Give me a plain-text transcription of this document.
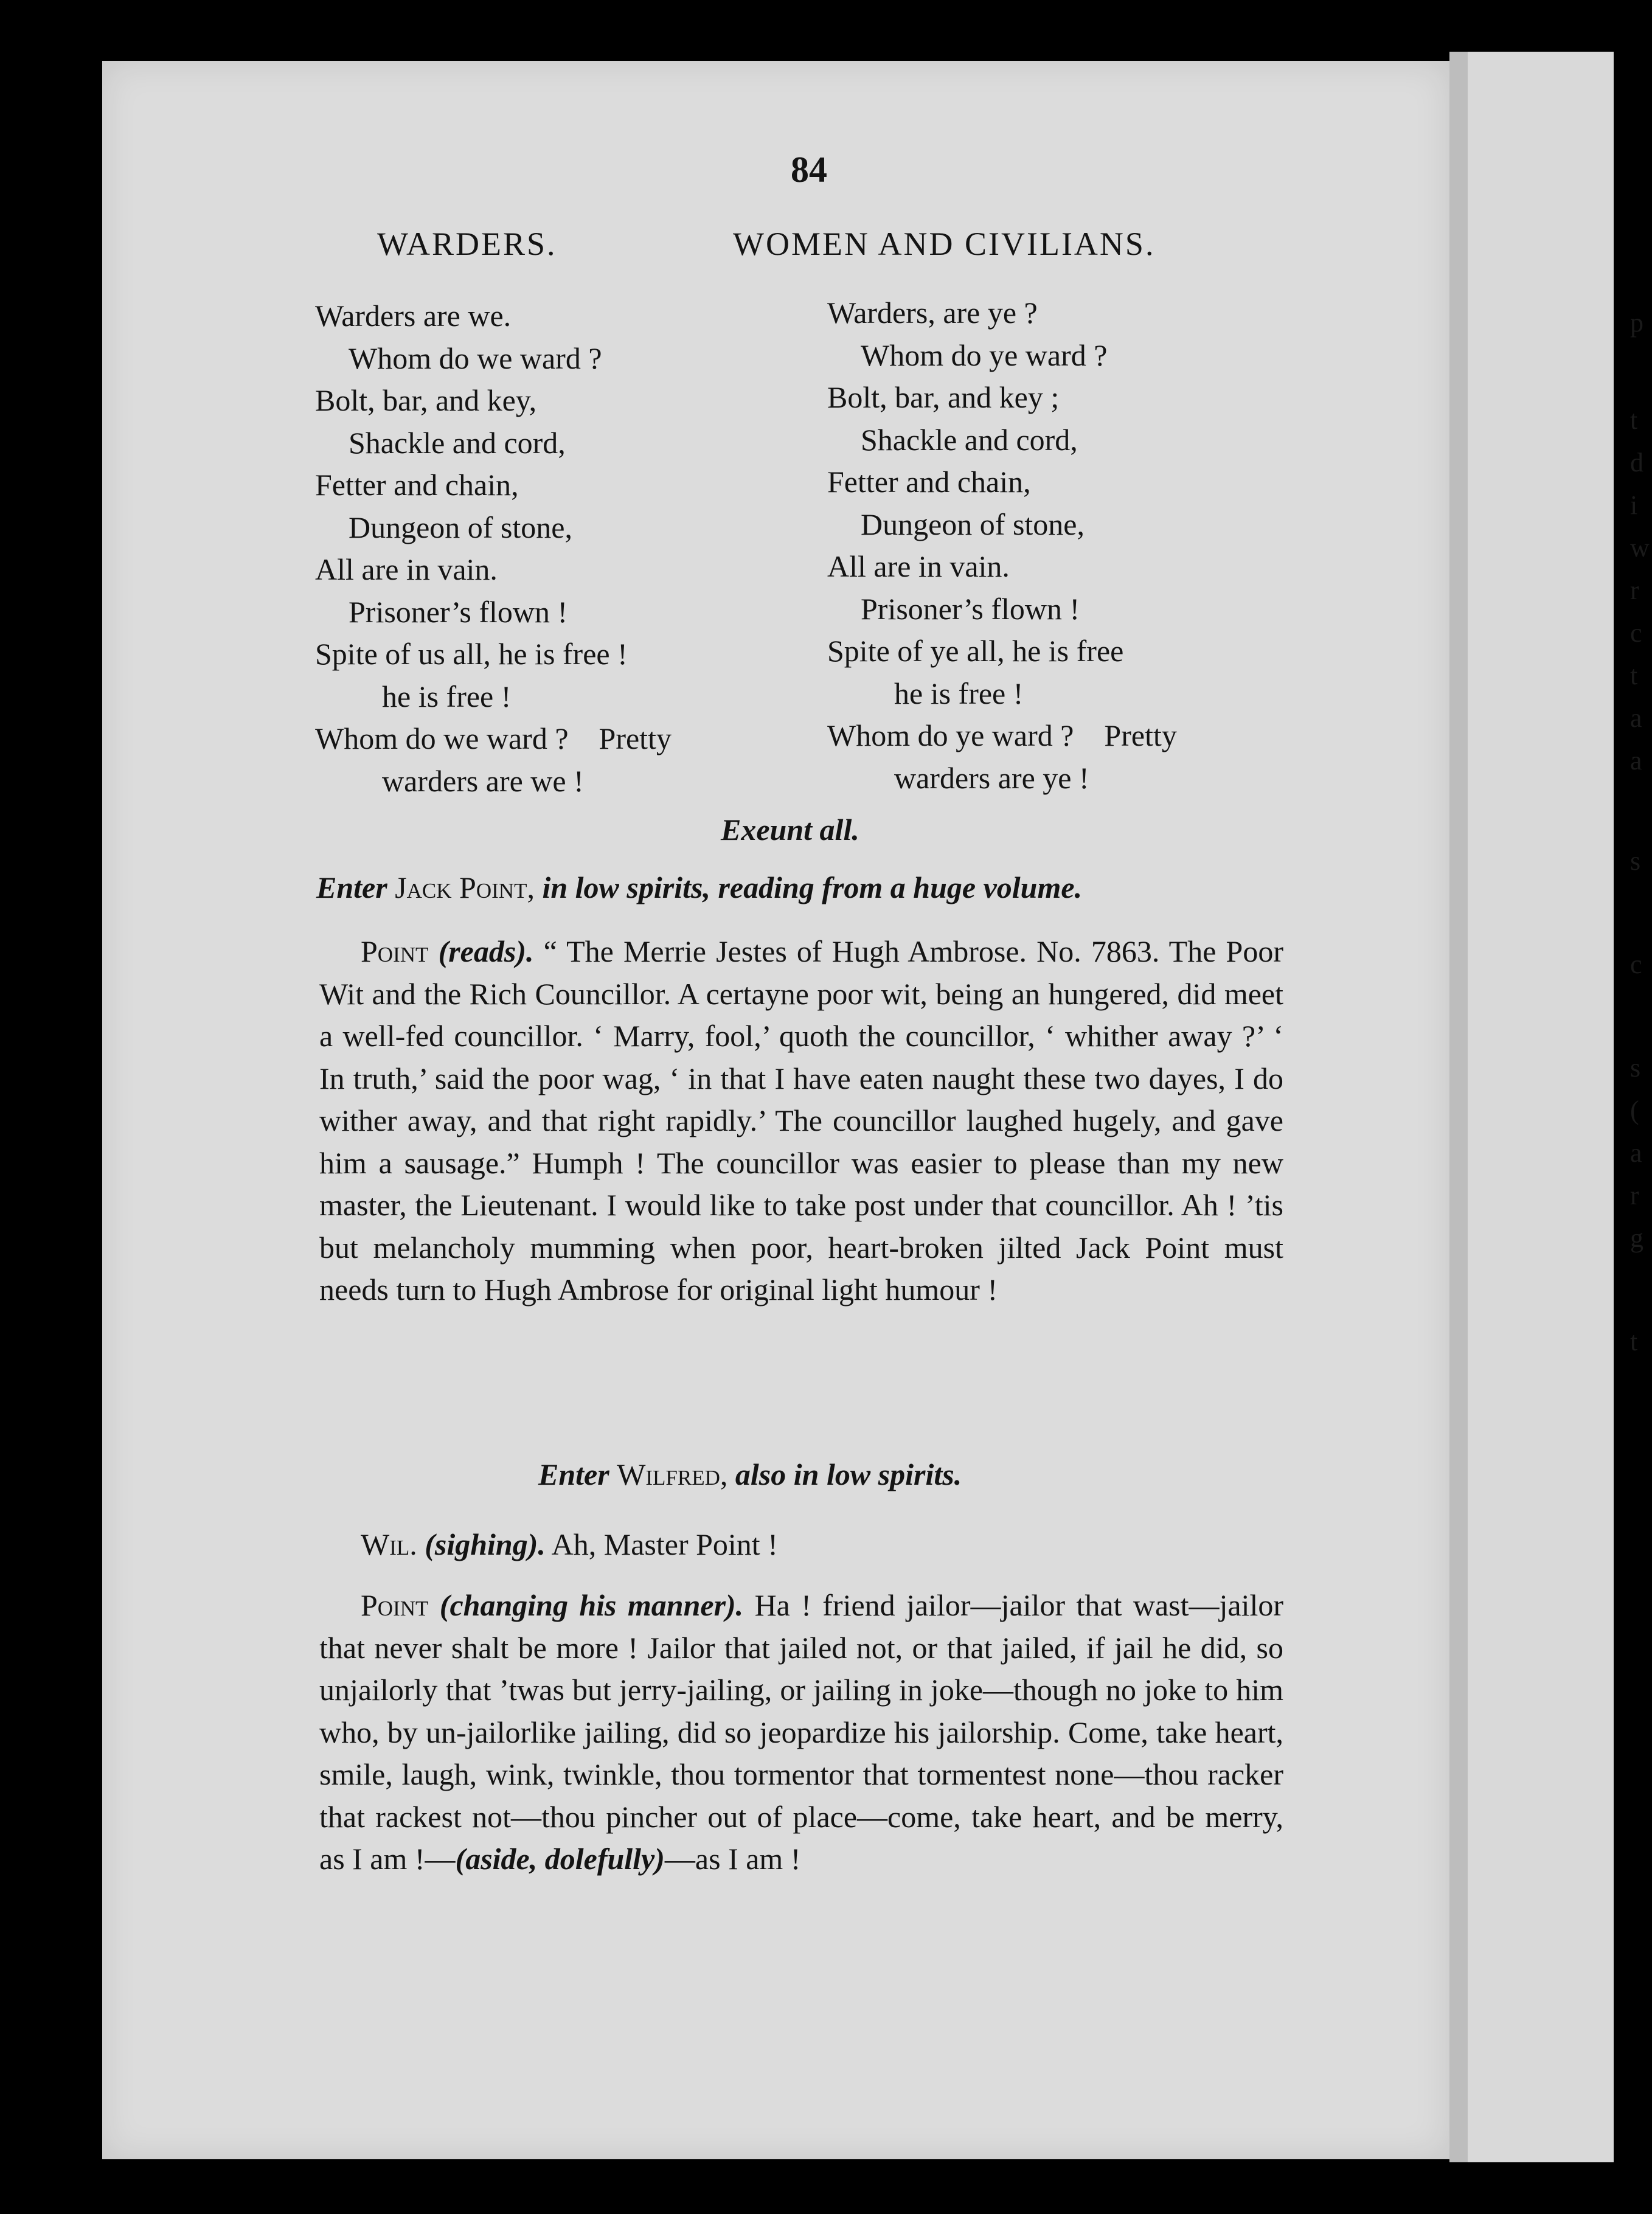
p
t
d
i
w
r
c
t
a
a
s
c
s
(
a
r
g
t
84
WARDERS.	WOMEN AND CIVILIANS.
Warders are we.
Whom do we ward ?
Bolt, bar, and key,
Shackle and cord,
Fetter and chain,
Dungeon of stone,
All are in vain.
Prisoner’s flown !
Spite of us all, he is free !
he is free !
Whom do we ward ?    Pretty
warders are we !
Warders, are ye ?
Whom do ye ward ?
Bolt, bar, and key ;
Shackle and cord,
Fetter and chain,
Dungeon of stone,
All are in vain.
Prisoner’s flown !
Spite of ye all, he is free
he is free !
Whom do ye ward ?    Pretty
warders are ye !
Exeunt all.
Enter Jack Point, in low spirits, reading from a huge volume.
Point (reads). “ The Merrie Jestes of Hugh Ambrose. No. 7863. The Poor Wit and the Rich Councillor. A certayne poor wit, being an hungered, did meet a well-fed councillor. ‘ Marry, fool,’ quoth the councillor, ‘ whither away ?’ ‘ In truth,’ said the poor wag, ‘ in that I have eaten naught these two dayes, I do wither away, and that right rapidly.’ The councillor laughed hugely, and gave him a sausage.” Humph ! The councillor was easier to please than my new master, the Lieutenant. I would like to take post under that councillor. Ah ! ’tis but melancholy mumming when poor, heart-broken jilted Jack Point must needs turn to Hugh Ambrose for original light humour !
Enter Wilfred, also in low spirits.
Wil. (sighing). Ah, Master Point !
Point (changing his manner). Ha ! friend jailor—jailor that wast—jailor that never shalt be more ! Jailor that jailed not, or that jailed, if jail he did, so unjailorly that ’twas but jerry-jailing, or jailing in joke—though no joke to him who, by un-jailorlike jailing, did so jeopardize his jailorship. Come, take heart, smile, laugh, wink, twinkle, thou tormentor that tormentest none—thou racker that rackest not—thou pincher out of place—come, take heart, and be merry, as I am !—(aside, dolefully)—as I am !
